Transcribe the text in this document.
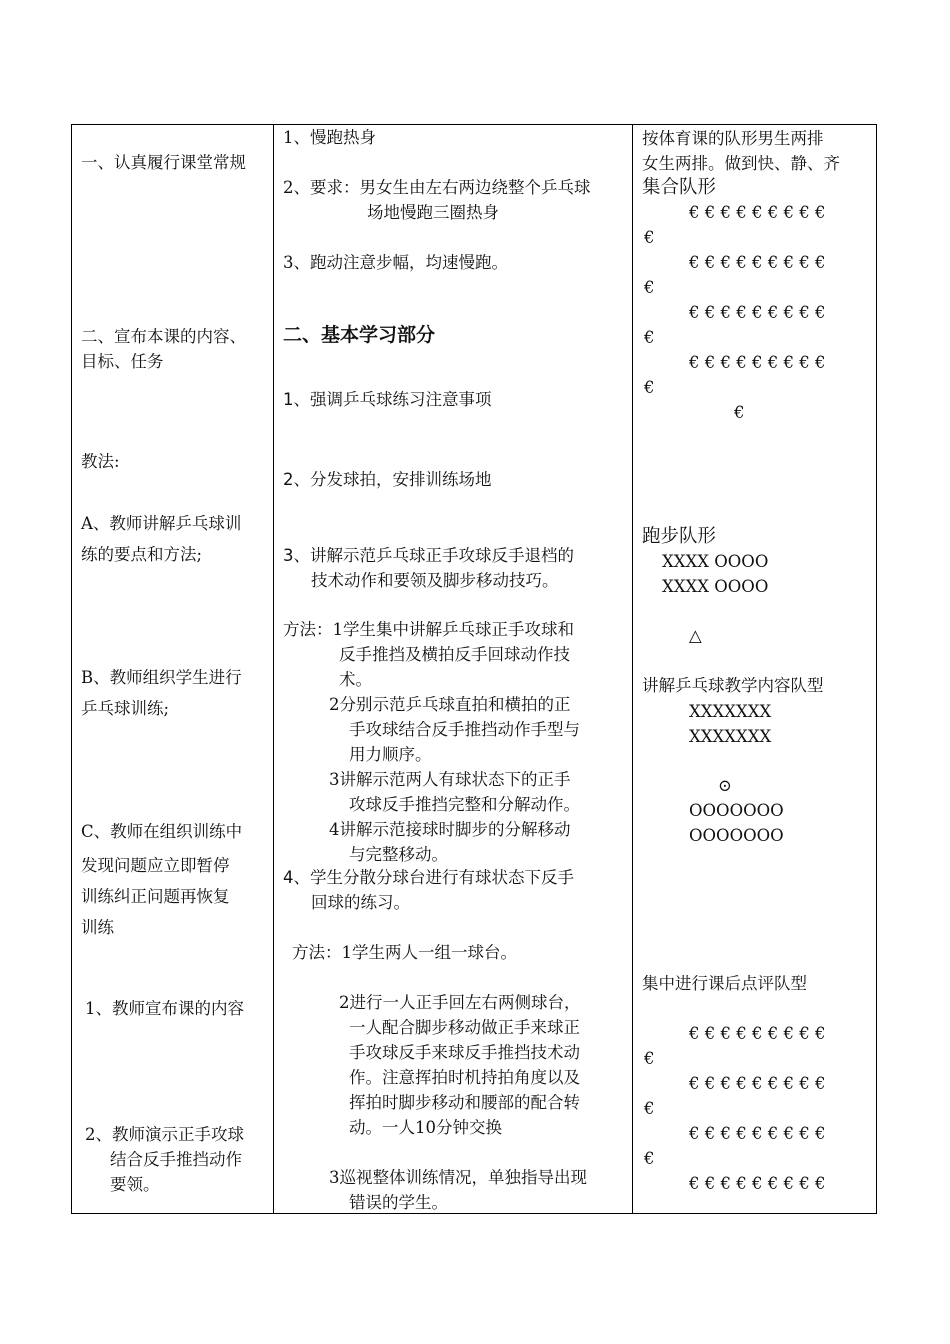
一、认真履行课堂常规
二、宣布本课的内容、
目标、任务
教法:
A、教师讲解乒乓球训
练的要点和方法;
B、教师组织学生进行
乒乓球训练;
C、教师在组织训练中
发现问题应立即暂停
训练纠正问题再恢复
训练
1、教师宣布课的内容
2、教师演示正手攻球
结合反手推挡动作
要领。
1、慢跑热身
2、要求：男女生由左右两边绕整个乒乓球
场地慢跑三圈热身
3、跑动注意步幅，均速慢跑。
二、基本学习部分
1、强调乒乓球练习注意事项
2、分发球拍，安排训练场地
3、讲解示范乒乓球正手攻球反手退档的
技术动作和要领及脚步移动技巧。
方法：1学生集中讲解乒乓球正手攻球和
反手推挡及横拍反手回球动作技
术。
2分别示范乒乓球直拍和横拍的正
手攻球结合反手推挡动作手型与
用力顺序。
3讲解示范两人有球状态下的正手
攻球反手推挡完整和分解动作。
4讲解示范接球时脚步的分解移动
与完整移动。
4、学生分散分球台进行有球状态下反手
回球的练习。
方法：1学生两人一组一球台。
2进行一人正手回左右两侧球台，
一人配合脚步移动做正手来球正
手攻球反手来球反手推挡技术动
作。注意挥拍时机持拍角度以及
挥拍时脚步移动和腰部的配合转
动。一人10分钟交换
3巡视整体训练情况，单独指导出现
错误的学生。
按体育课的队形男生两排
女生两排。做到快、静、齐
集合队形
€ € € € € € € € €
€
€ € € € € € € € €
€
€ € € € € € € € €
€
€ € € € € € € € €
€
€
跑步队形
XXXX OOOO
XXXX OOOO
△
讲解乒乓球教学内容队型
XXXXXXX
XXXXXXX
⊙
OOOOOOO
OOOOOOO
集中进行课后点评队型
€ € € € € € € € €
€
€ € € € € € € € €
€
€ € € € € € € € €
€
€ € € € € € € € €
